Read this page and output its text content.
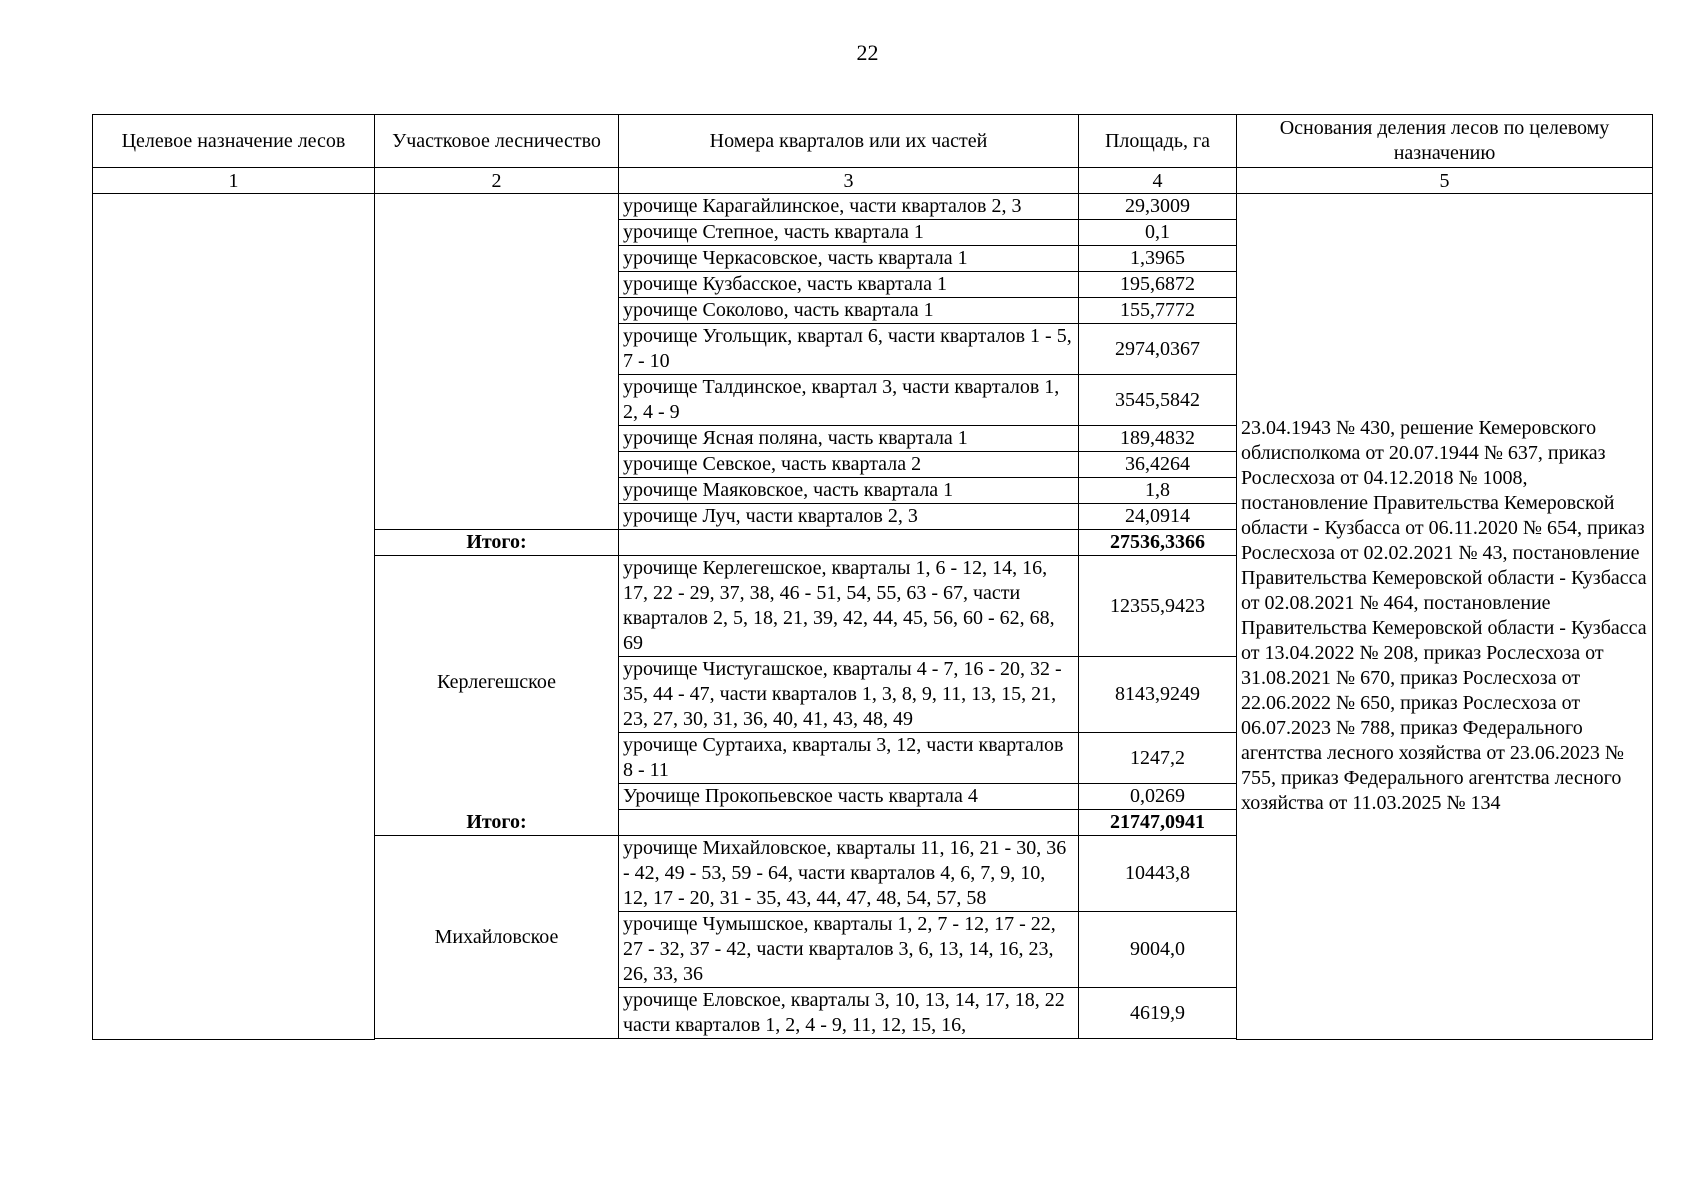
22
Целевое назначение лесов	Участковое лесничество	Номера кварталов или их частей	Площадь, га	Основания деления лесов по целевому назначению
1	2	3	4	5
		урочище Карагайлинское, части кварталов 2, 3	29,3009	23.04.1943 № 430, решение Кемеровского облисполкома от 20.07.1944 № 637, приказ Рослесхоза от 04.12.2018 № 1008, постановление Правительства Кемеровской области - Кузбасса от 06.11.2020 № 654, приказ Рослесхоза от 02.02.2021 № 43, постановление Правительства Кемеровской области - Кузбасса от 02.08.2021 № 464, постановление Правительства Кемеровской области - Кузбасса от 13.04.2022 № 208, приказ Рослесхоза от 31.08.2021 № 670, приказ Рослесхоза от 22.06.2022 № 650, приказ Рослесхоза от 06.07.2023 № 788, приказ Федерального агентства лесного хозяйства от 23.06.2023 № 755, приказ Федерального агентства лесного хозяйства от 11.03.2025 № 134
		урочище Степное, часть квартала 1	0,1	
		урочище Черкасовское, часть квартала 1	1,3965	
		урочище Кузбасское, часть квартала 1	195,6872	
		урочище Соколово, часть квартала 1	155,7772	
		урочище Угольщик, квартал 6, части кварталов 1 - 5, 7 - 10	2974,0367	
		урочище Талдинское, квартал 3, части кварталов 1, 2, 4 - 9	3545,5842	
		урочище Ясная поляна, часть квартала 1	189,4832	
		урочище Севское, часть квартала 2	36,4264	
		урочище Маяковское, часть квартала 1	1,8	
		урочище Луч, части кварталов 2, 3	24,0914	
	Итого:		27536,3366	
	Керлегешское	урочище Керлегешское, кварталы 1, 6 - 12, 14, 16, 17, 22 - 29, 37, 38, 46 - 51, 54, 55, 63 - 67, части кварталов 2, 5, 18, 21, 39, 42, 44, 45, 56, 60 - 62, 68, 69	12355,9423	
		урочище Чистугашское, кварталы 4 - 7, 16 - 20, 32 - 35, 44 - 47, части кварталов 1, 3, 8, 9, 11, 13, 15, 21, 23, 27, 30, 31, 36, 40, 41, 43, 48, 49	8143,9249	
		урочище Суртаиха, кварталы 3, 12, части кварталов 8 - 11	1247,2	
		Урочище Прокопьевское часть квартала 4	0,0269	
	Итого:		21747,0941	
	Михайловское	урочище Михайловское, кварталы 11, 16, 21 - 30, 36 - 42, 49 - 53, 59 - 64, части кварталов 4, 6, 7, 9, 10, 12, 17 - 20, 31 - 35, 43, 44, 47, 48, 54, 57, 58	10443,8	
		урочище Чумышское, кварталы 1, 2, 7 - 12, 17 - 22, 27 - 32, 37 - 42, части кварталов 3, 6, 13, 14, 16, 23, 26, 33, 36	9004,0	
		урочище Еловское, кварталы 3, 10, 13, 14, 17, 18, 22 части кварталов 1, 2, 4 - 9, 11, 12, 15, 16,	4619,9	
